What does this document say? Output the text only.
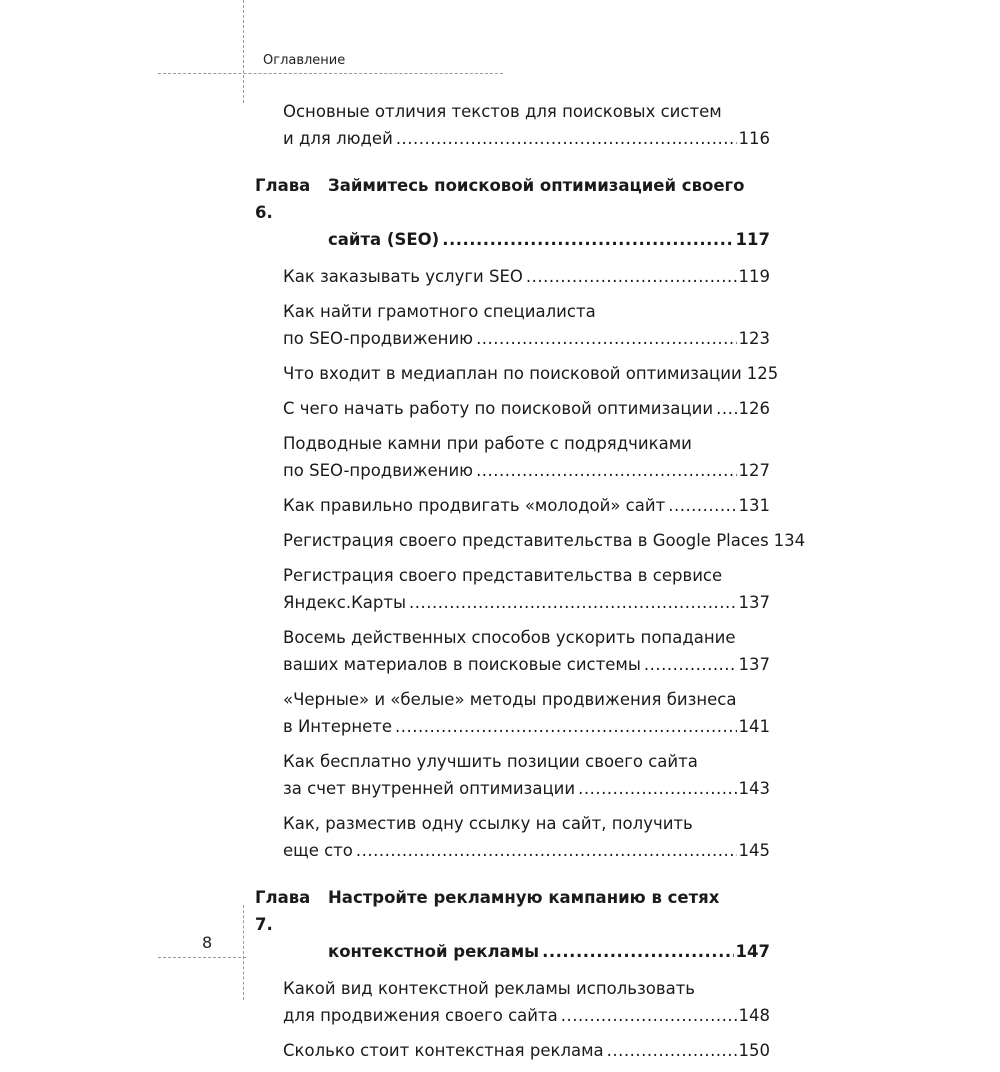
Оглавление
Основные отличия текстов для поисковых систем
и для людей .....	116
Глава 6.
Займитесь поисковой оптимизацией своего
сайта (SEO) .....	117
Как заказывать услуги SEO .....	119
Как найти грамотного специалиста
по SEO-продвижению .....	123
Что входит в медиаплан по поисковой оптимизации 125
С чего начать работу по поисковой оптимизации ..... 126
Подводные камни при работе с подрядчиками
по SEO-продвижению .....	127
Как правильно продвигать «молодой» сайт .....	131
Регистрация своего представительства в Google Places 134
Регистрация своего представительства в сервисе
Яндекс.Карты .....	137
Восемь действенных способов ускорить попадание
ваших материалов в поисковые системы .....	137
«Черные» и «белые» методы продвижения бизнеса
в Интернете .....	141
Как бесплатно улучшить позиции своего сайта
за счет внутренней оптимизации .....	143
Как, разместив одну ссылку на сайт, получить
еще сто .....	145
Глава 7.
Настройте рекламную кампанию в сетях
контекстной рекламы .....	147
Какой вид контекстной рекламы использовать
для продвижения своего сайта .....	148
Сколько стоит контекстная реклама .....	150
8
